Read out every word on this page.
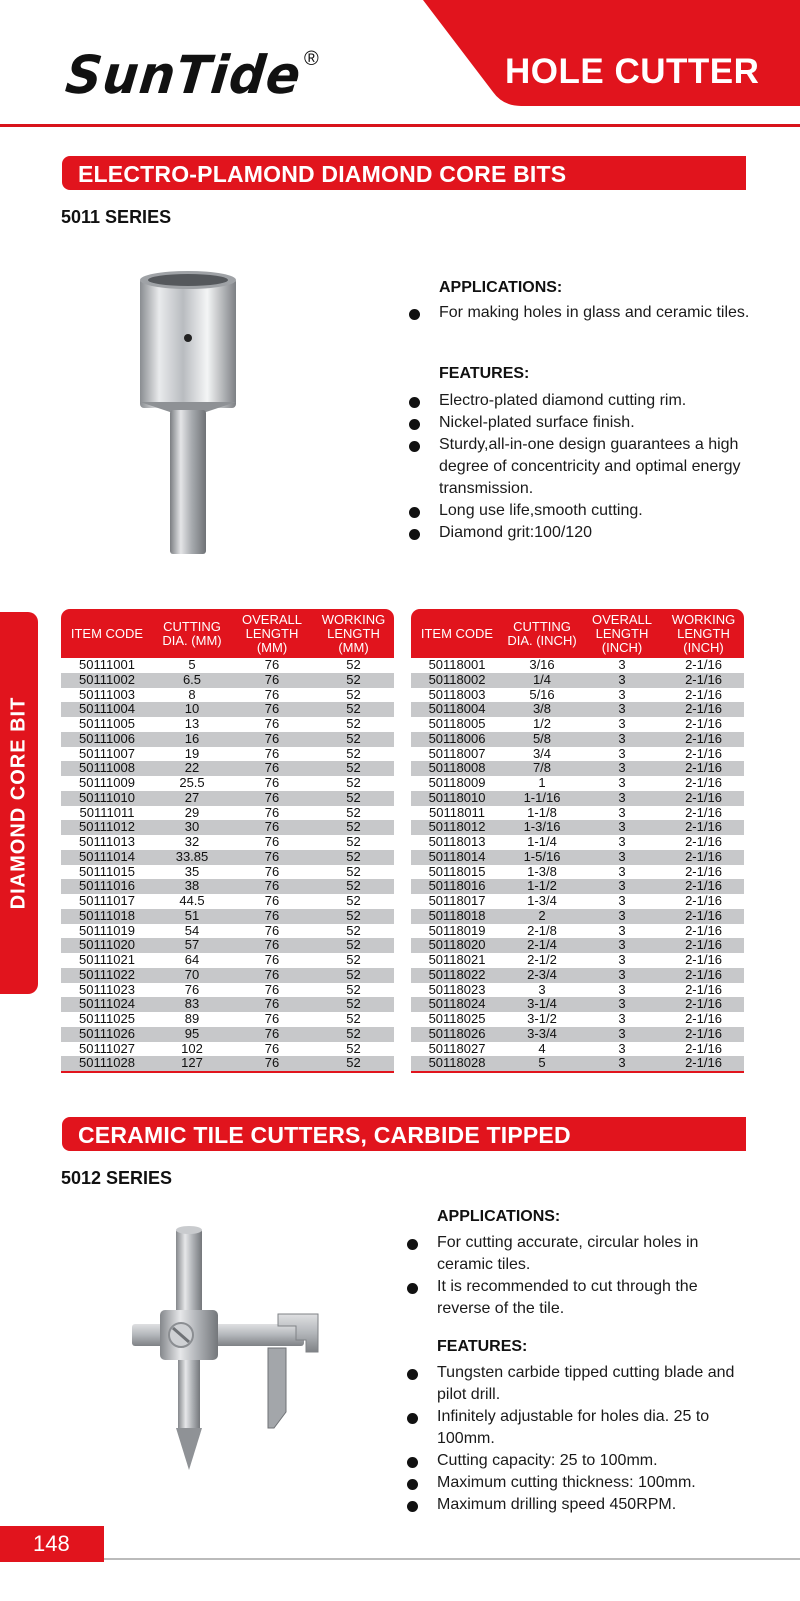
SunTide ®	HOLE CUTTER
ELECTRO-PLAMOND DIAMOND CORE BITS
5011 SERIES
APPLICATIONS:
For making holes in glass and ceramic tiles.
FEATURES:
Electro-plated diamond cutting rim.
Nickel-plated surface finish.
Sturdy,all-in-one design guarantees a high degree of concentricity and optimal energy transmission.
Long use life,smooth cutting.
Diamond grit:100/120
DIAMOND CORE BIT
ITEM CODE	CUTTING DIA. (MM)	OVERALL LENGTH (MM)	WORKING LENGTH (MM)
50111001	5	76	52
50111002	6.5	76	52
50111003	8	76	52
50111004	10	76	52
50111005	13	76	52
50111006	16	76	52
50111007	19	76	52
50111008	22	76	52
50111009	25.5	76	52
50111010	27	76	52
50111011	29	76	52
50111012	30	76	52
50111013	32	76	52
50111014	33.85	76	52
50111015	35	76	52
50111016	38	76	52
50111017	44.5	76	52
50111018	51	76	52
50111019	54	76	52
50111020	57	76	52
50111021	64	76	52
50111022	70	76	52
50111023	76	76	52
50111024	83	76	52
50111025	89	76	52
50111026	95	76	52
50111027	102	76	52
50111028	127	76	52
ITEM CODE	CUTTING DIA. (INCH)	OVERALL LENGTH (INCH)	WORKING LENGTH (INCH)
50118001	3/16	3	2-1/16
50118002	1/4	3	2-1/16
50118003	5/16	3	2-1/16
50118004	3/8	3	2-1/16
50118005	1/2	3	2-1/16
50118006	5/8	3	2-1/16
50118007	3/4	3	2-1/16
50118008	7/8	3	2-1/16
50118009	1	3	2-1/16
50118010	1-1/16	3	2-1/16
50118011	1-1/8	3	2-1/16
50118012	1-3/16	3	2-1/16
50118013	1-1/4	3	2-1/16
50118014	1-5/16	3	2-1/16
50118015	1-3/8	3	2-1/16
50118016	1-1/2	3	2-1/16
50118017	1-3/4	3	2-1/16
50118018	2	3	2-1/16
50118019	2-1/8	3	2-1/16
50118020	2-1/4	3	2-1/16
50118021	2-1/2	3	2-1/16
50118022	2-3/4	3	2-1/16
50118023	3	3	2-1/16
50118024	3-1/4	3	2-1/16
50118025	3-1/2	3	2-1/16
50118026	3-3/4	3	2-1/16
50118027	4	3	2-1/16
50118028	5	3	2-1/16
CERAMIC TILE CUTTERS, CARBIDE TIPPED
5012 SERIES
APPLICATIONS:
For cutting accurate, circular holes in ceramic tiles.
It is recommended to cut through the reverse of the tile.
FEATURES:
Tungsten carbide tipped cutting blade and pilot drill.
Infinitely adjustable for holes dia. 25 to 100mm.
Cutting capacity: 25 to 100mm.
Maximum cutting thickness: 100mm.
Maximum drilling speed 450RPM.
148
